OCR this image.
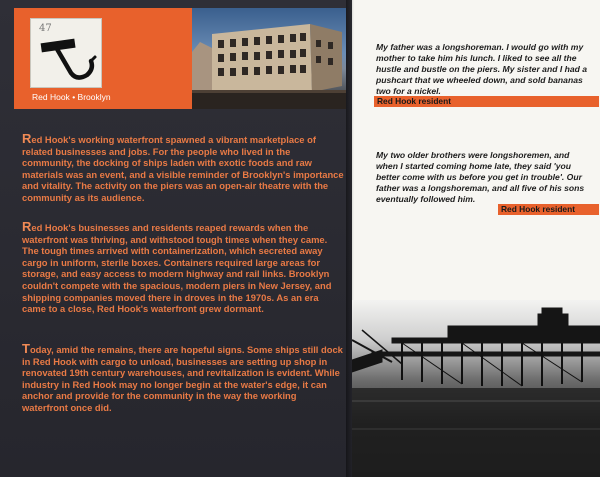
47
Red Hook • Brooklyn

Red Hook's working waterfront spawned a vibrant marketplace of related businesses and jobs. For the people who lived in the community, the docking of ships laden with exotic foods and raw materials was an event, and a visible reminder of Brooklyn's importance and vitality. The activity on the piers was an open-air theatre with the community as its audience.

Red Hook's businesses and residents reaped rewards when the waterfront was thriving, and withstood tough times when they came. The tough times arrived with containerization, which secreted away cargo in uniform, sterile boxes. Containers required large areas for storage, and easy access to modern highway and rail links. Brooklyn couldn't compete with the spacious, modern piers in New Jersey, and shipping companies moved there in droves in the 1970s. As an era came to a close, Red Hook's waterfront grew dormant.

Today, amid the remains, there are hopeful signs. Some ships still dock in Red Hook with cargo to unload, businesses are setting up shop in renovated 19th century warehouses, and revitalization is evident. While industry in Red Hook may no longer begin at the water's edge, it can anchor and provide for the community in the way the working waterfront once did.

My father was a longshoreman. I would go with my mother to take him his lunch. I liked to see all the hustle and bustle on the piers. My sister and I had a pushcart that we wheeled down, and sold bananas two for a nickel.

Red Hook resident

My two older brothers were longshoremen, and when I started coming home late, they said 'you better come with us before you get in trouble'. Our father was a longshoreman, and all five of his sons eventually followed him.

Red Hook resident
